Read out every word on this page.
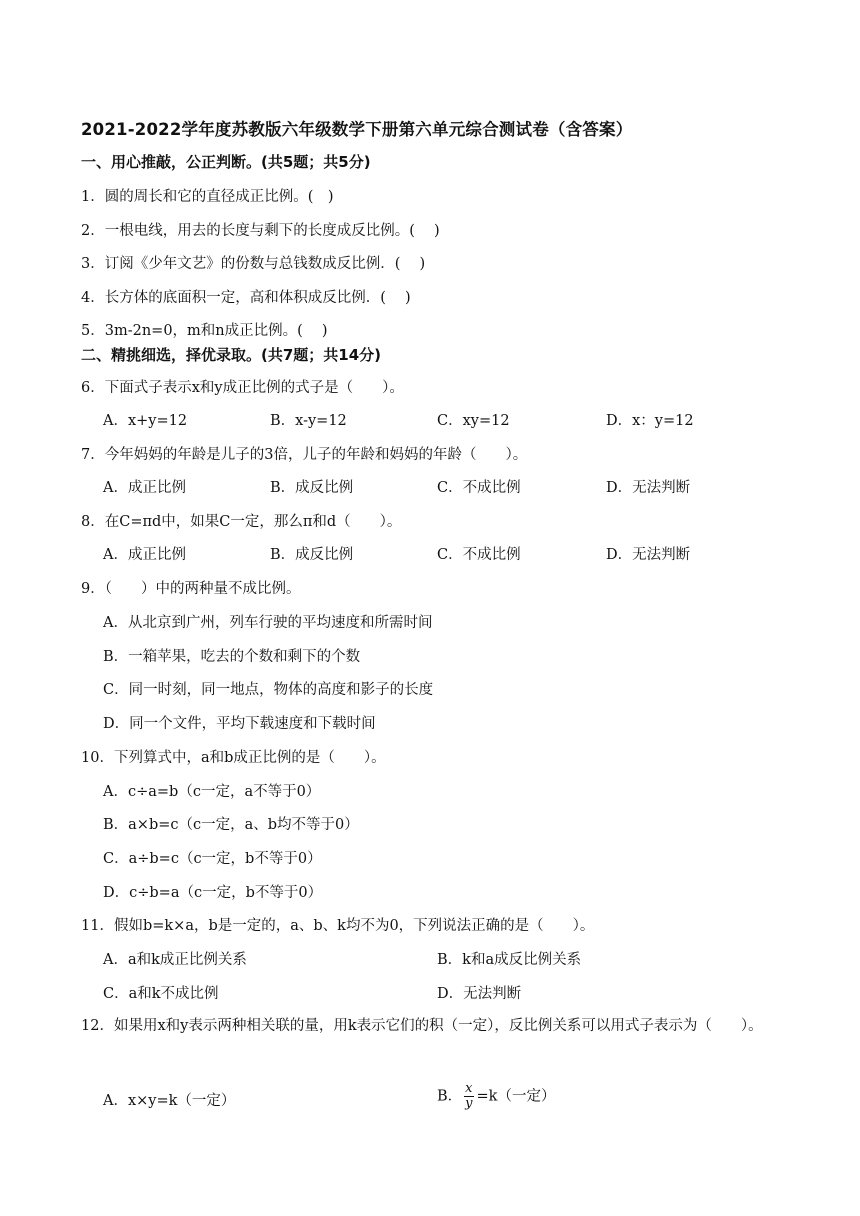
2021-2022学年度苏教版六年级数学下册第六单元综合测试卷（含答案）
一、用心推敲，公正判断。(共5题；共5分)
1．圆的周长和它的直径成正比例。(　)
2．一根电线，用去的长度与剩下的长度成反比例。(　 )
3．订阅《少年文艺》的份数与总钱数成反比例．(　 )
4．长方体的底面积一定，高和体积成反比例．(　 )
5．3m-2n=0，m和n成正比例。(　 )
二、精挑细选，择优录取。(共7题；共14分)
6．下面式子表示x和y成正比例的式子是（　　）。
A．x+y=12	B．x-y=12	C．xy=12	D．x：y=12
7．今年妈妈的年龄是儿子的3倍，儿子的年龄和妈妈的年龄（　　）。
A．成正比例	B．成反比例	C．不成比例	D．无法判断
8．在C=πd中，如果C一定，那么π和d（　　）。
A．成正比例	B．成反比例	C．不成比例	D．无法判断
9．（　　）中的两种量不成比例。
A．从北京到广州，列车行驶的平均速度和所需时间
B．一箱苹果，吃去的个数和剩下的个数
C．同一时刻，同一地点，物体的高度和影子的长度
D．同一个文件，平均下载速度和下载时间
10．下列算式中，a和b成正比例的是（　　）。
A．c÷a=b（c一定，a不等于0）
B．a×b=c（c一定，a、b均不等于0）
C．a÷b=c（c一定，b不等于0）
D．c÷b=a（c一定，b不等于0）
11．假如b=k×a，b是一定的，a、b、k均不为0，下列说法正确的是（　　）。
A．a和k成正比例关系	B．k和a成反比例关系
C．a和k不成比例	D．无法判断
12．如果用x和y表示两种相关联的量，用k表示它们的积（一定），反比例关系可以用式子表示为（　　）。
A．x×y=k（一定）	B． $\frac{x}{y} =k$（一定）
